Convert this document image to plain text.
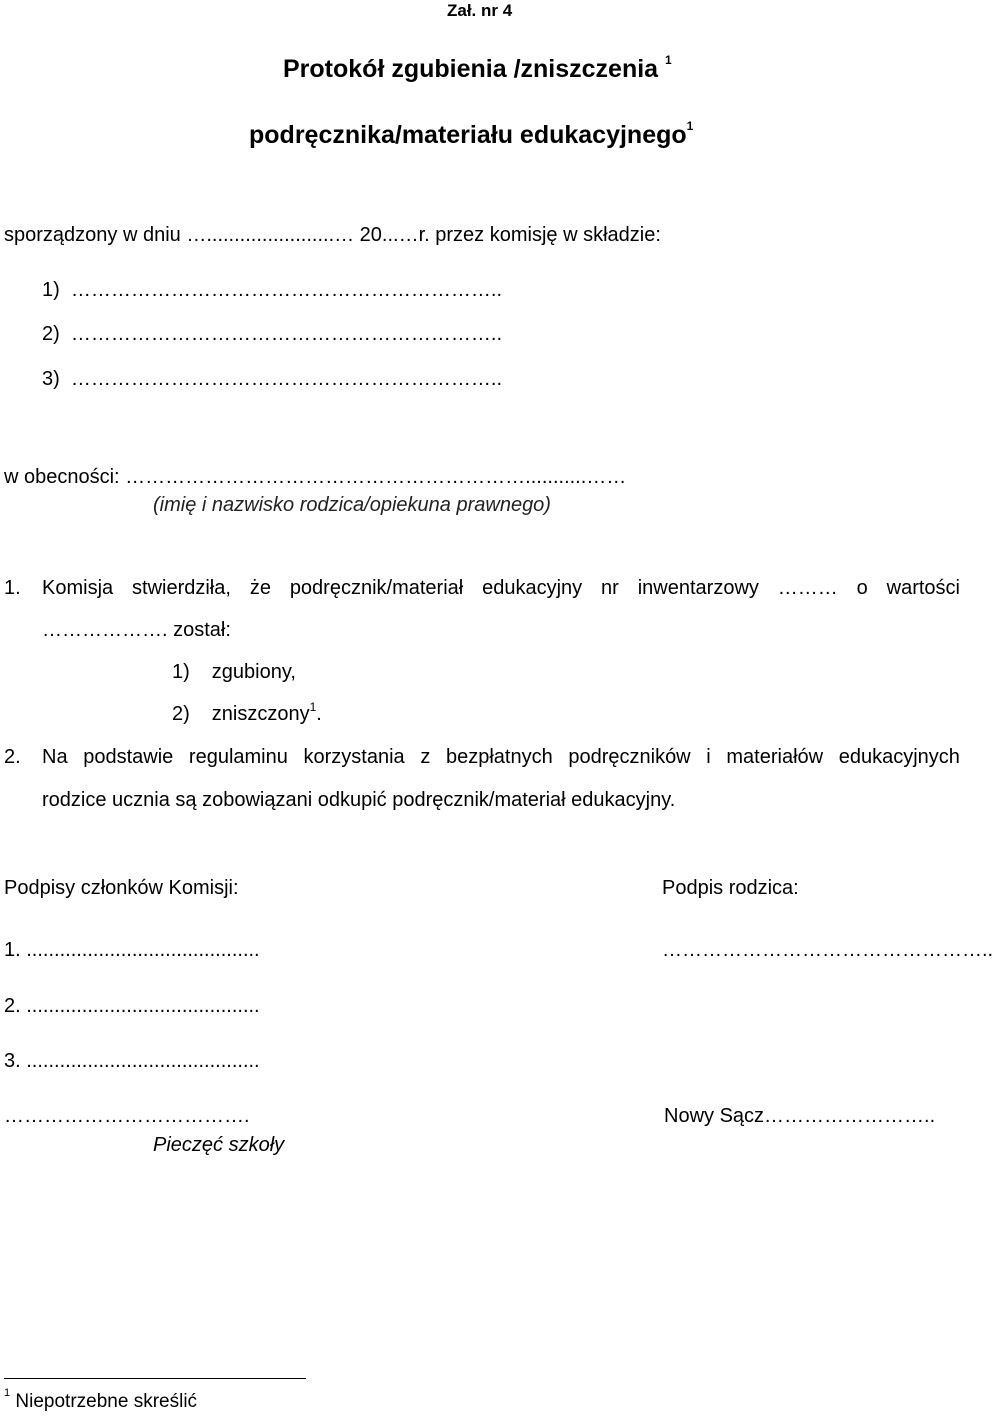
Zał. nr 4
Protokół zgubienia /zniszczenia $^1$
podręcznika/materiału edukacyjnego$^1$
sporządzony w dniu ….......................… 20...…r. przez komisję w składzie:
1) ………………………………………………………..
2) ………………………………………………………..
3) ………………………………………………………..
w obecności: ……………………………………………………...........……
(imię i nazwisko rodzica/opiekuna prawnego)
1. Komisja stwierdziła, że podręcznik/materiał edukacyjny nr inwentarzowy ……… o wartości
………………. został:
1) zgubiony,
2) zniszczony$^1$.
2. Na podstawie regulaminu korzystania z bezpłatnych podręczników i materiałów edukacyjnych
rodzice ucznia są zobowiązani odkupić podręcznik/materiał edukacyjny.
Podpisy członków Komisji:	Podpis rodzica:
1. ..........................................	…………………………………………..
2. ..........................................
3. ..........................................
……………………………….	Nowy Sącz……………………..
Pieczęć szkoły
$^1$ Niepotrzebne skreślić
